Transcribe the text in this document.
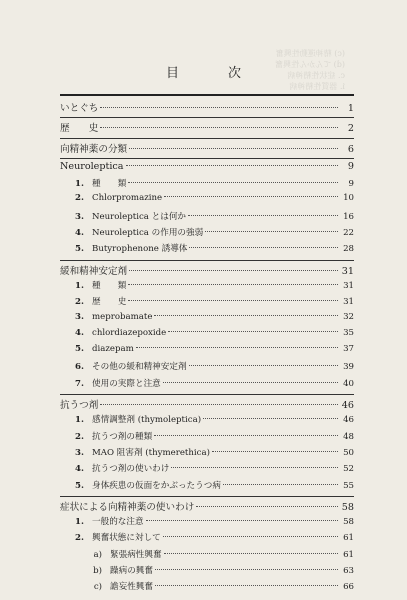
(c) 精神運動性興奮
(d) てんかん性興奮
c. 症状性精神病
i. 器質性精神病
目　次
いとぐち	1
歴　　史	2
向精神薬の分類	6
Neuroleptica	9
1. 種　　類	9
2. Chlorpromazine	10
3. Neuroleptica とは何か	16
4. Neuroleptica の作用の強弱	22
5. Butyrophenone 誘導体	28
緩和精神安定剤	31
1. 種　　類	31
2. 歴　　史	31
3. meprobamate	32
4. chlordiazepoxide	35
5. diazepam	37
6. その他の緩和精神安定剤	39
7. 使用の実際と注意	40
抗うつ剤	46
1. 感情調整剤 (thymoleptica)	46
2. 抗うつ剤の種類	48
3. MAO 阻害剤 (thymerethica)	50
4. 抗うつ剤の使いわけ	52
5. 身体疾患の仮面をかぶったうつ病	55
症状による向精神薬の使いわけ	58
1. 一般的な注意	58
2. 興奮状態に対して	61
a) 緊張病性興奮	61
b) 躁病の興奮	63
c) 譫妄性興奮	66
